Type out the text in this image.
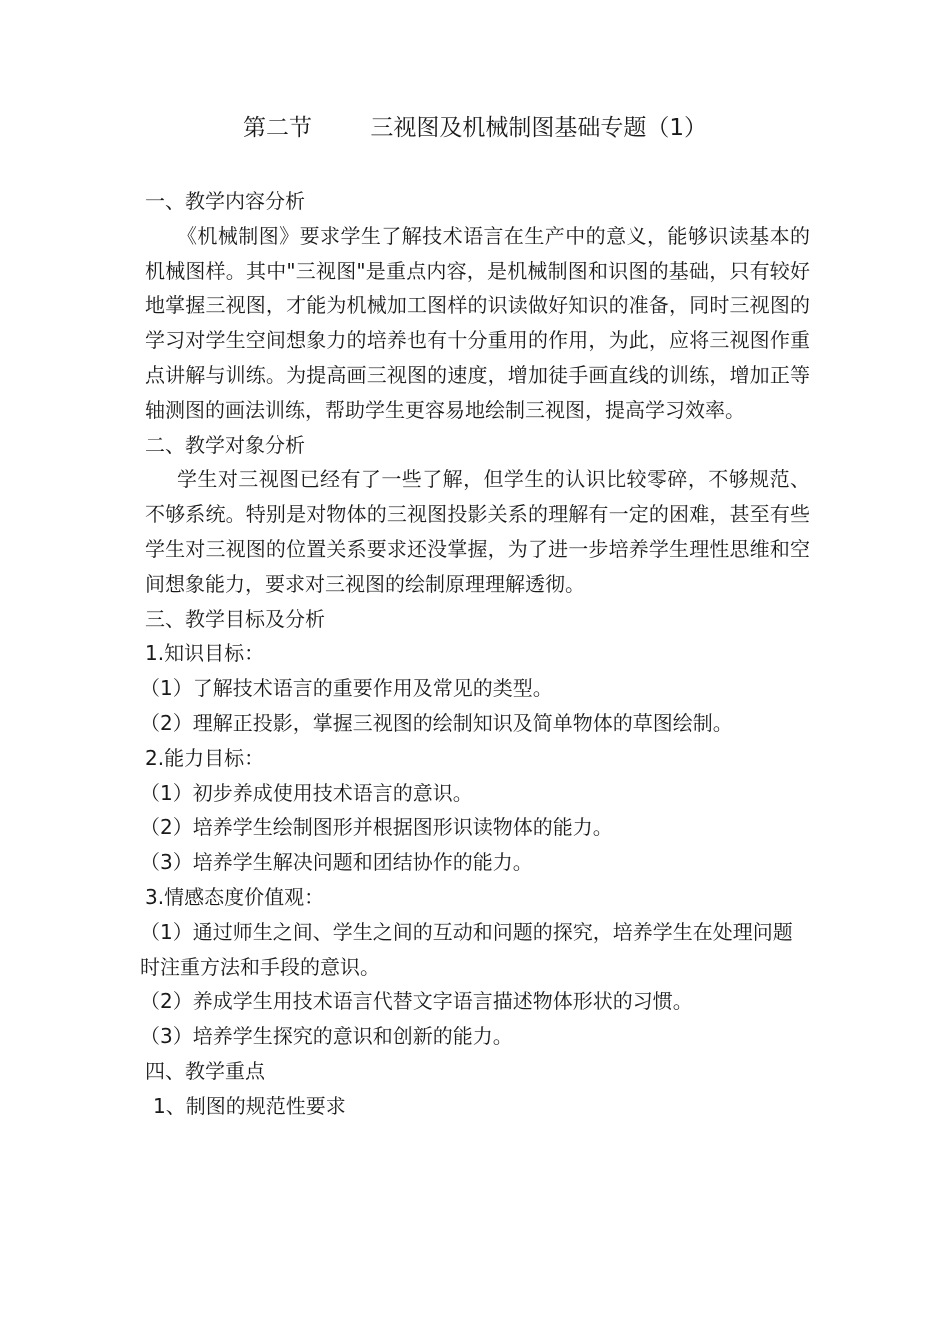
第二节        三视图及机械制图基础专题（1）

一、教学内容分析

《机械制图》要求学生了解技术语言在生产中的意义，能够识读基本的机械图样。其中"三视图"是重点内容，是机械制图和识图的基础，只有较好地掌握三视图，才能为机械加工图样的识读做好知识的准备，同时三视图的学习对学生空间想象力的培养也有十分重用的作用，为此，应将三视图作重点讲解与训练。为提高画三视图的速度，增加徒手画直线的训练，增加正等轴测图的画法训练，帮助学生更容易地绘制三视图，提高学习效率。

二、教学对象分析

学生对三视图已经有了一些了解，但学生的认识比较零碎，不够规范、不够系统。特别是对物体的三视图投影关系的理解有一定的困难，甚至有些学生对三视图的位置关系要求还没掌握，为了进一步培养学生理性思维和空间想象能力，要求对三视图的绘制原理理解透彻。

三、教学目标及分析

1.知识目标：

（1）了解技术语言的重要作用及常见的类型。

（2）理解正投影，掌握三视图的绘制知识及简单物体的草图绘制。

2.能力目标：

（1）初步养成使用技术语言的意识。

（2）培养学生绘制图形并根据图形识读物体的能力。

（3）培养学生解决问题和团结协作的能力。

3.情感态度价值观：

（1）通过师生之间、学生之间的互动和问题的探究，培养学生在处理问题时注重方法和手段的意识。

（2）养成学生用技术语言代替文字语言描述物体形状的习惯。

（3）培养学生探究的意识和创新的能力。

四、教学重点

1、制图的规范性要求
